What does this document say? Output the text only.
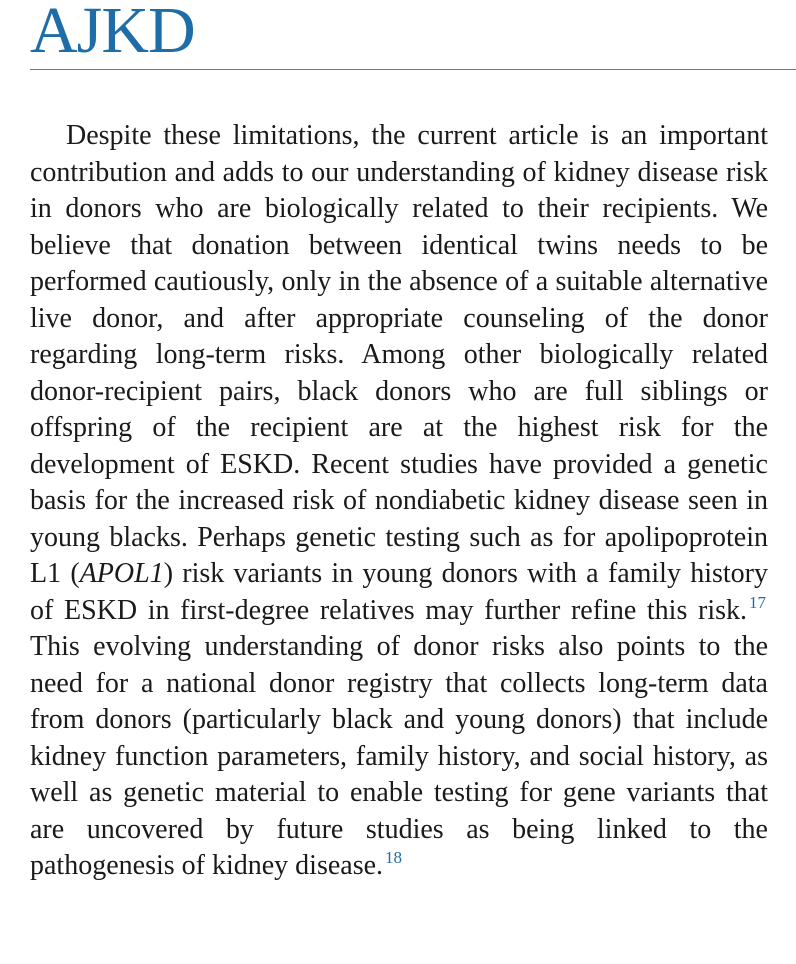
AJKD

Despite these limitations, the current article is an important contribution and adds to our understanding of kidney disease risk in donors who are biologically related to their recipients. We believe that donation between identical twins needs to be performed cautiously, only in the absence of a suitable alternative live donor, and after appropriate counseling of the donor regarding long-term risks. Among other biologically related donor-recipient pairs, black donors who are full siblings or offspring of the recipient are at the highest risk for the development of ESKD. Recent studies have provided a genetic basis for the increased risk of nondiabetic kidney disease seen in young blacks. Perhaps genetic testing such as for apolipoprotein L1 (APOL1) risk variants in young donors with a family history of ESKD in first-degree relatives may further refine this risk. $^{17}$ This evolving understanding of donor risks also points to the need for a national donor registry that collects long-term data from donors (particularly black and young donors) that include kidney function parameters, family history, and social history, as well as genetic material to enable testing for gene variants that are uncovered by future studies as being linked to the pathogenesis of kidney disease. $^{18}$
